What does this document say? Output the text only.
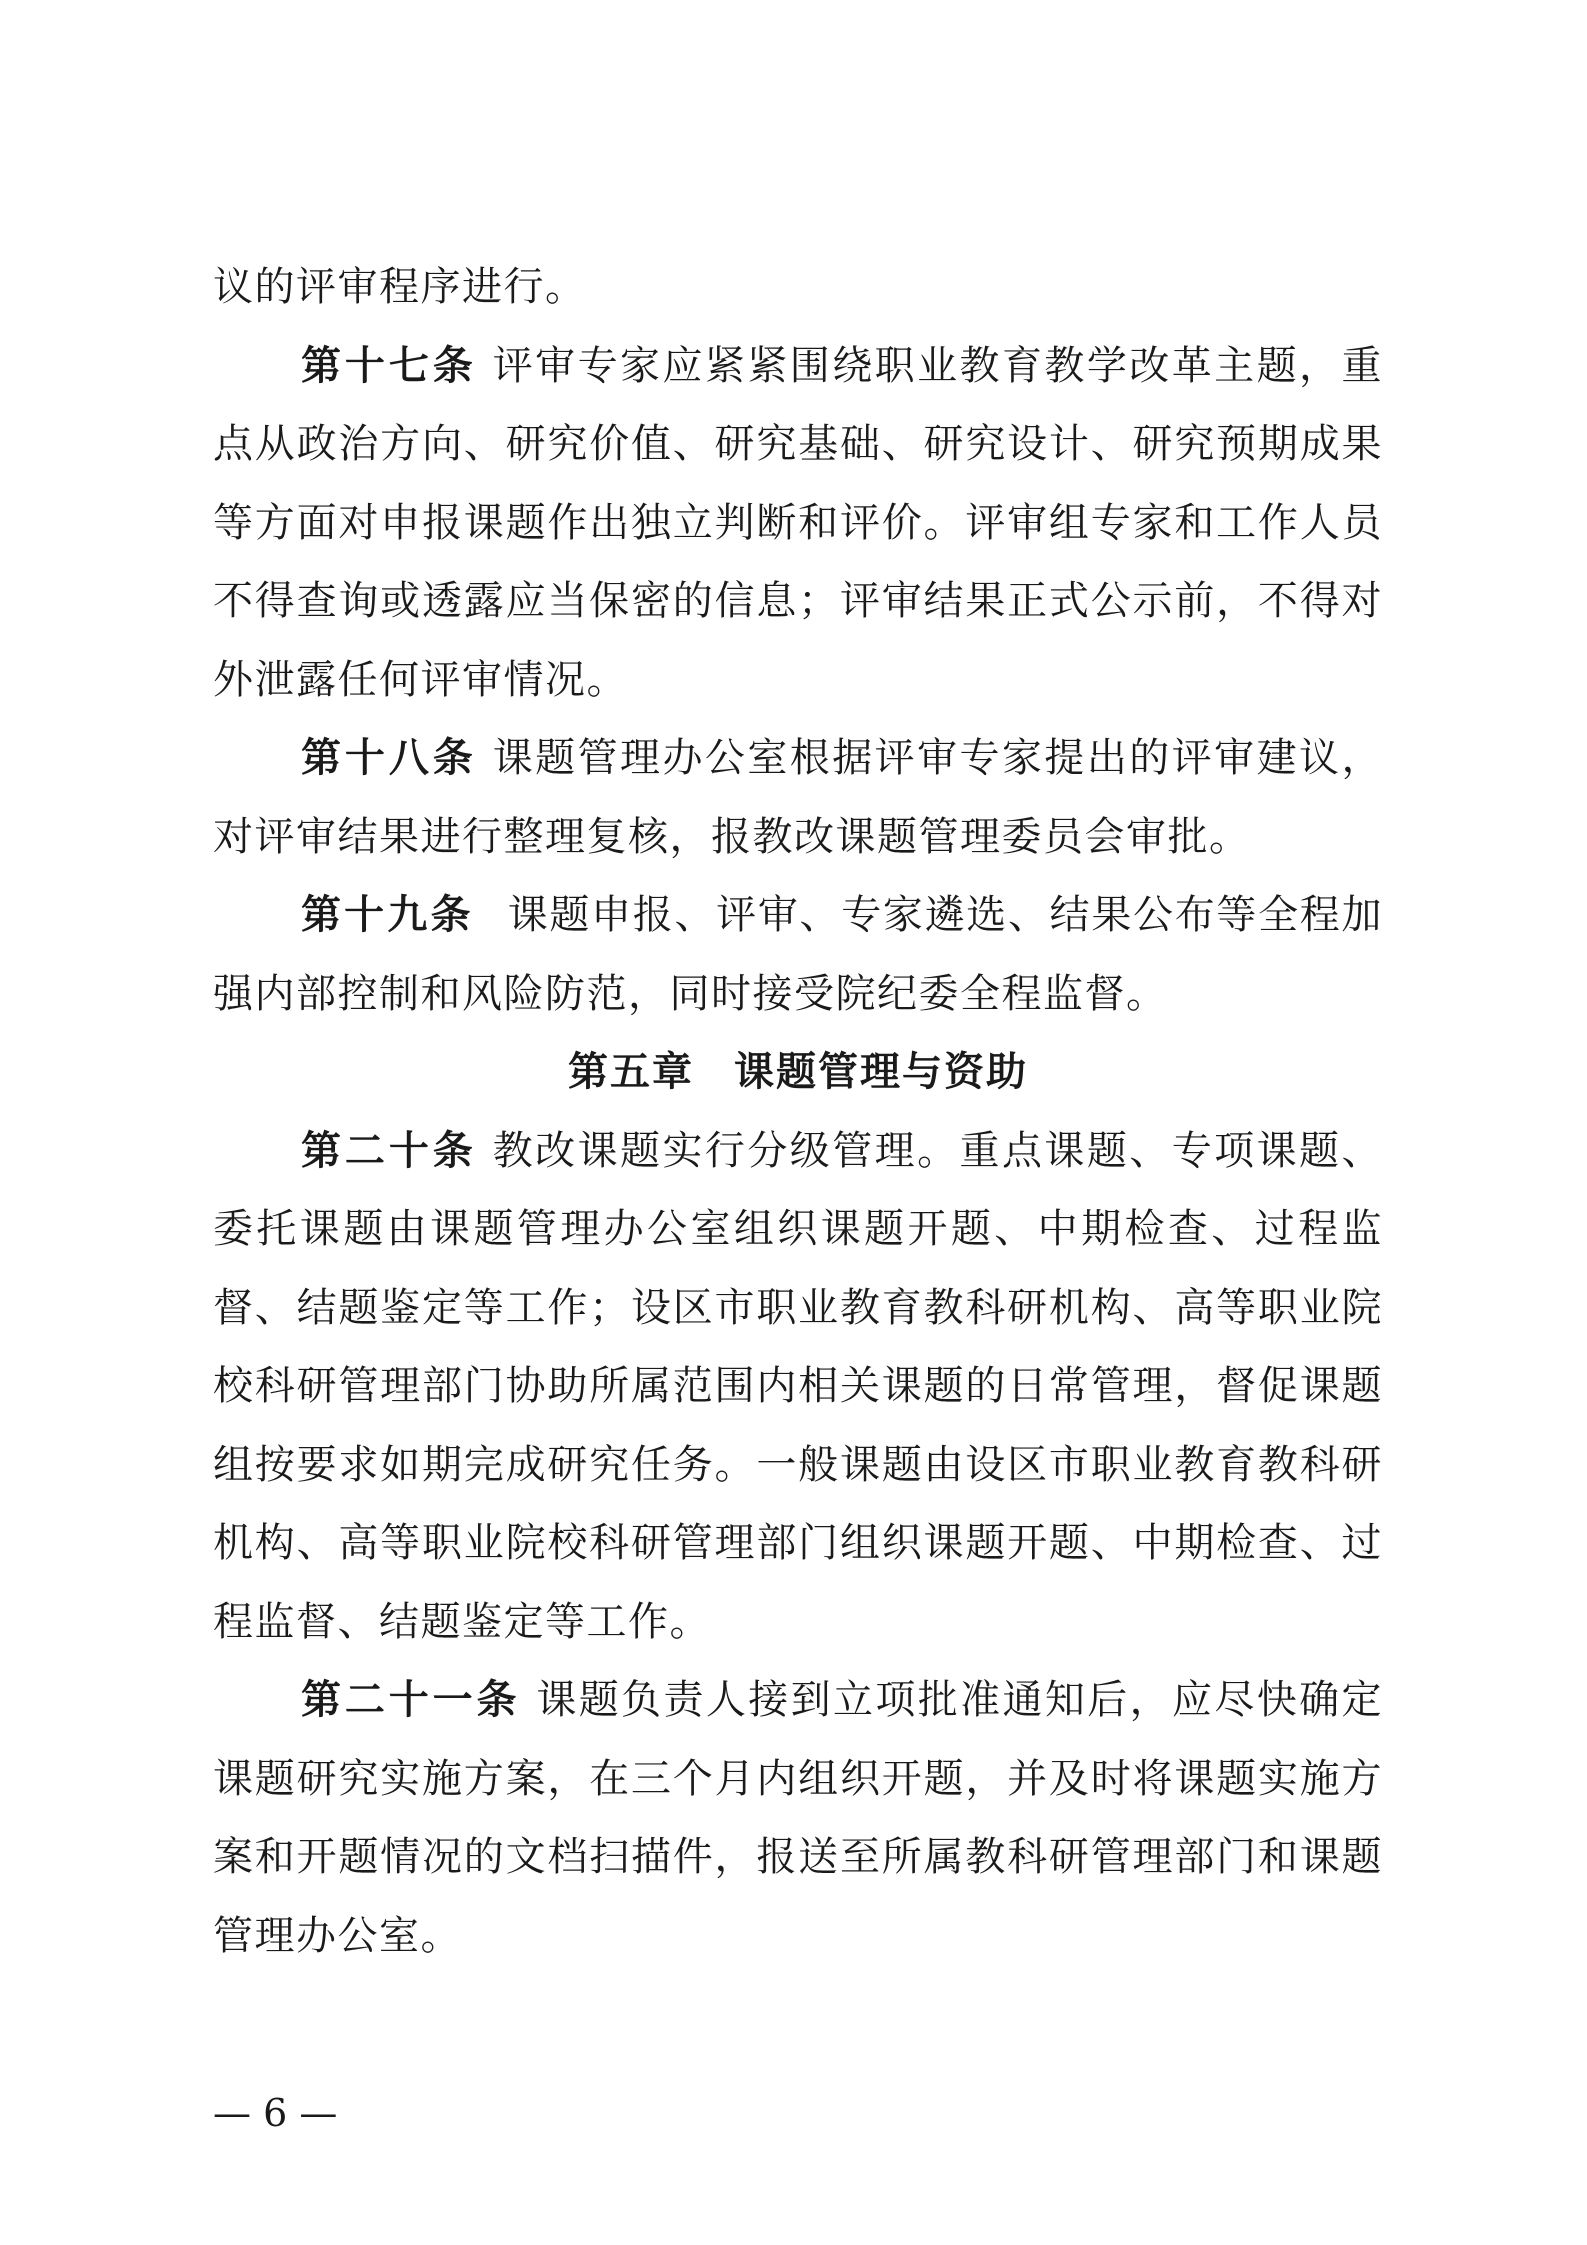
议的评审程序进行。

第十七条 评审专家应紧紧围绕职业教育教学改革主题，重点从政治方向、研究价值、研究基础、研究设计、研究预期成果等方面对申报课题作出独立判断和评价。评审组专家和工作人员不得查询或透露应当保密的信息；评审结果正式公示前，不得对外泄露任何评审情况。

第十八条 课题管理办公室根据评审专家提出的评审建议，对评审结果进行整理复核，报教改课题管理委员会审批。

第十九条 课题申报、评审、专家遴选、结果公布等全程加强内部控制和风险防范，同时接受院纪委全程监督。

第五章 课题管理与资助

第二十条 教改课题实行分级管理。重点课题、专项课题、委托课题由课题管理办公室组织课题开题、中期检查、过程监督、结题鉴定等工作；设区市职业教育教科研机构、高等职业院校科研管理部门协助所属范围内相关课题的日常管理，督促课题组按要求如期完成研究任务。一般课题由设区市职业教育教科研机构、高等职业院校科研管理部门组织课题开题、中期检查、过程监督、结题鉴定等工作。

第二十一条 课题负责人接到立项批准通知后，应尽快确定课题研究实施方案，在三个月内组织开题，并及时将课题实施方案和开题情况的文档扫描件，报送至所属教科研管理部门和课题管理办公室。

— 6 —
